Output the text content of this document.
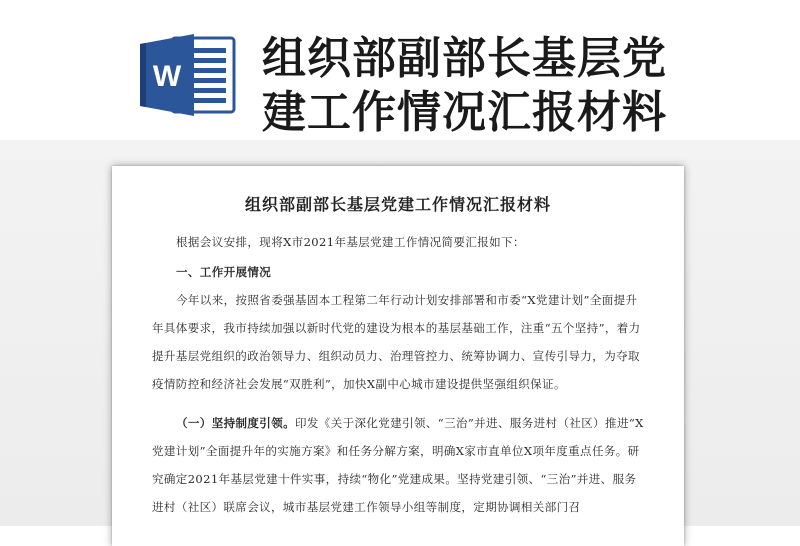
W 组织部副部长基层党建工作情况汇报材料
组织部副部长基层党建工作情况汇报材料

根据会议安排，现将X市2021年基层党建工作情况简要汇报如下：

一、工作开展情况

今年以来，按照省委强基固本工程第二年行动计划安排部署和市委“X党建计划”全面提升年具体要求，我市持续加强以新时代党的建设为根本的基层基础工作，注重“五个坚持”，着力提升基层党组织的政治领导力、组织动员力、治理管控力、统筹协调力、宣传引导力，为夺取疫情防控和经济社会发展“双胜利”，加快X副中心城市建设提供坚强组织保证。

（一）坚持制度引领。印发《关于深化党建引领、“三治”并进、服务进村（社区）推进“X党建计划”全面提升年的实施方案》和任务分解方案，明确X家市直单位X项年度重点任务。研究确定2021年基层党建十件实事，持续“物化”党建成果。坚持党建引领、“三治”并进、服务进村（社区）联席会议，城市基层党建工作领导小组等制度，定期协调相关部门召
